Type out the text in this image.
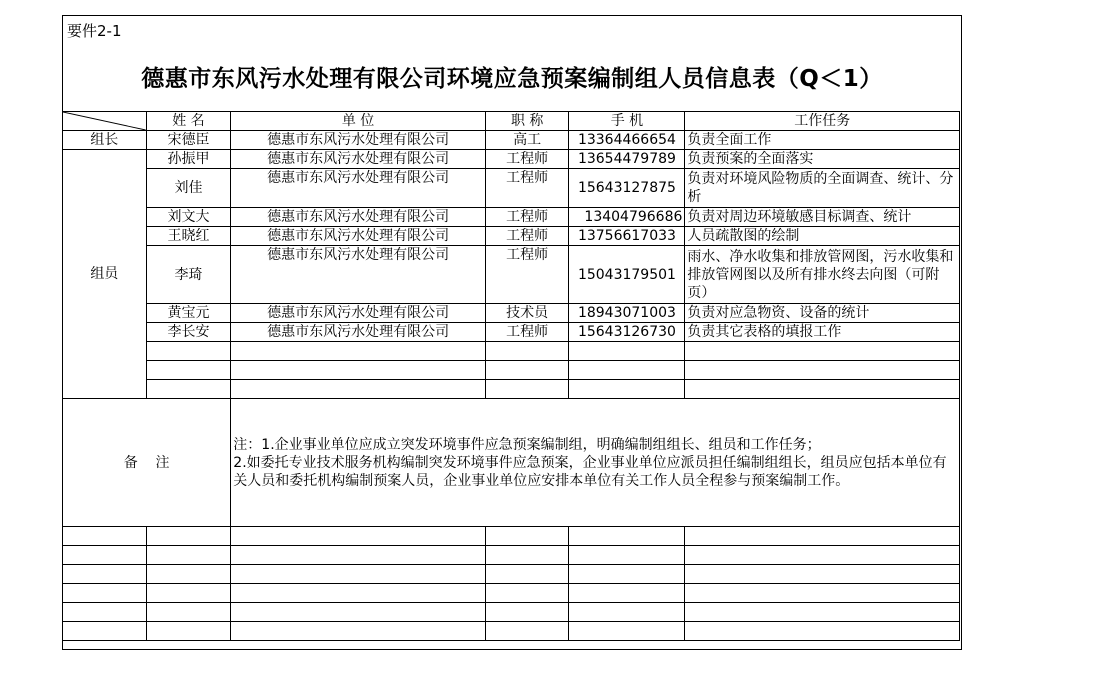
要件2-1
德惠市东风污水处理有限公司环境应急预案编制组人员信息表（Q＜1）
	姓 名	单 位	职 称	手 机	工作任务
组长	宋德臣	德惠市东风污水处理有限公司	高工	13364466654	负责全面工作
组员	孙振甲	德惠市东风污水处理有限公司	工程师	13654479789	负责预案的全面落实
	刘佳	德惠市东风污水处理有限公司	工程师	15643127875	负责对环境风险物质的全面调查、统计、分析
	刘文大	德惠市东风污水处理有限公司	工程师	13404796686	负责对周边环境敏感目标调查、统计
	王晓红	德惠市东风污水处理有限公司	工程师	13756617033	人员疏散图的绘制
	李琦	德惠市东风污水处理有限公司	工程师	15043179501	雨水、净水收集和排放管网图，污水收集和排放管网图以及所有排水终去向图（可附页）
	黄宝元	德惠市东风污水处理有限公司	技术员	18943071003	负责对应急物资、设备的统计
	李长安	德惠市东风污水处理有限公司	工程师	15643126730	负责其它表格的填报工作

备    注		注：1.企业事业单位应成立突发环境事件应急预案编制组，明确编制组组长、组员和工作任务；
2.如委托专业技术服务机构编制突发环境事件应急预案，企业事业单位应派员担任编制组组长，组员应包括本单位有关人员和委托机构编制预案人员，企业事业单位应安排本单位有关工作人员全程参与预案编制工作。			
